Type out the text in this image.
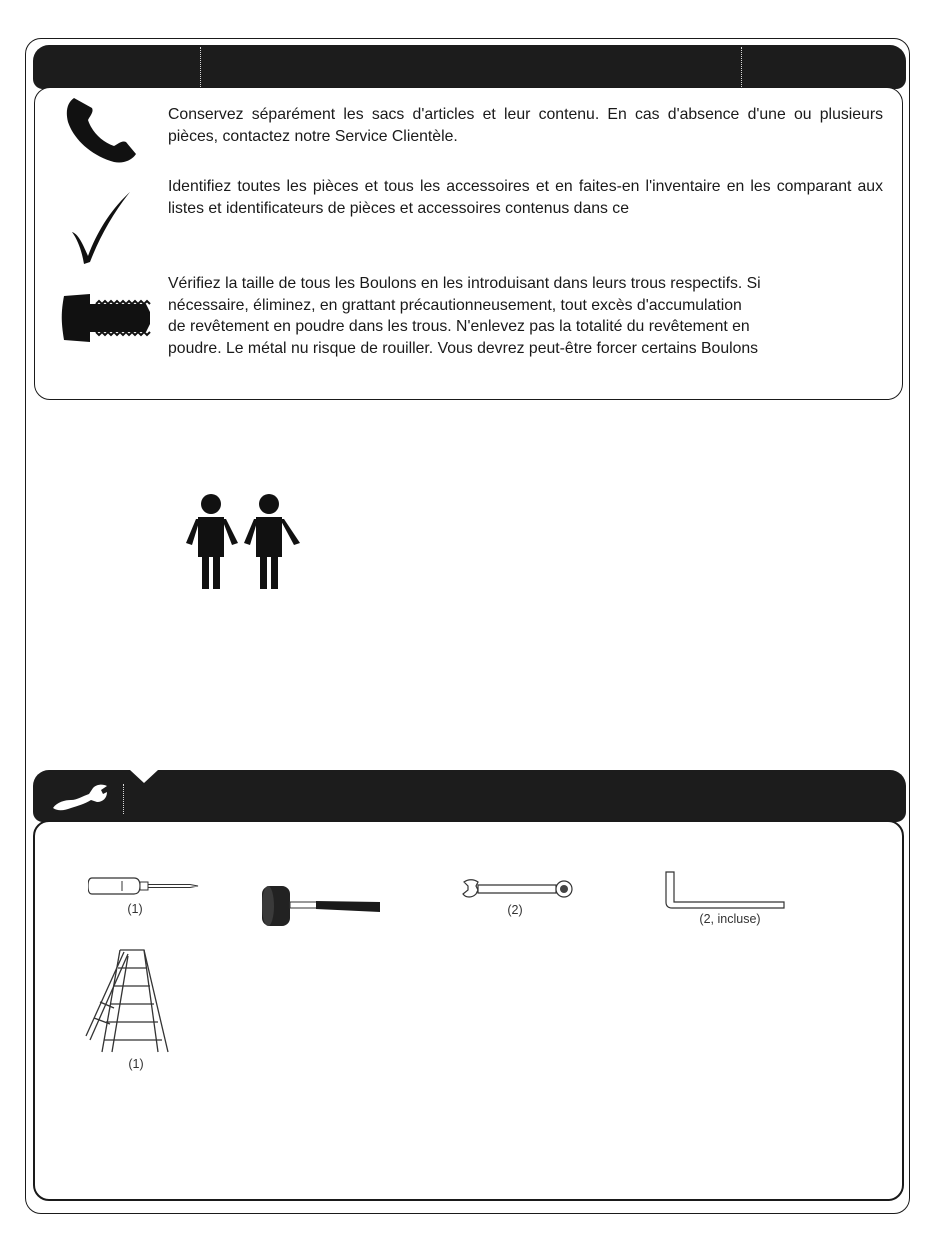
Conservez séparément les sacs d'articles et leur contenu. En cas d'absence d'une ou plusieurs pièces, contactez notre Service Clientèle.

Identifiez toutes les pièces et tous les accessoires et en faites-en l'inventaire en les comparant aux listes et identificateurs de pièces et accessoires contenus dans ce

Vérifiez la taille de tous les Boulons en les introduisant dans leurs trous respectifs. Si
nécessaire, éliminez, en grattant précautionneusement, tout excès d'accumulation
de revêtement en poudre dans les trous. N'enlevez pas la totalité du revêtement en
poudre. Le métal nu risque de rouiller. Vous devrez peut-être forcer certains Boulons
(1)	(2)
(2, incluse)
(1)
